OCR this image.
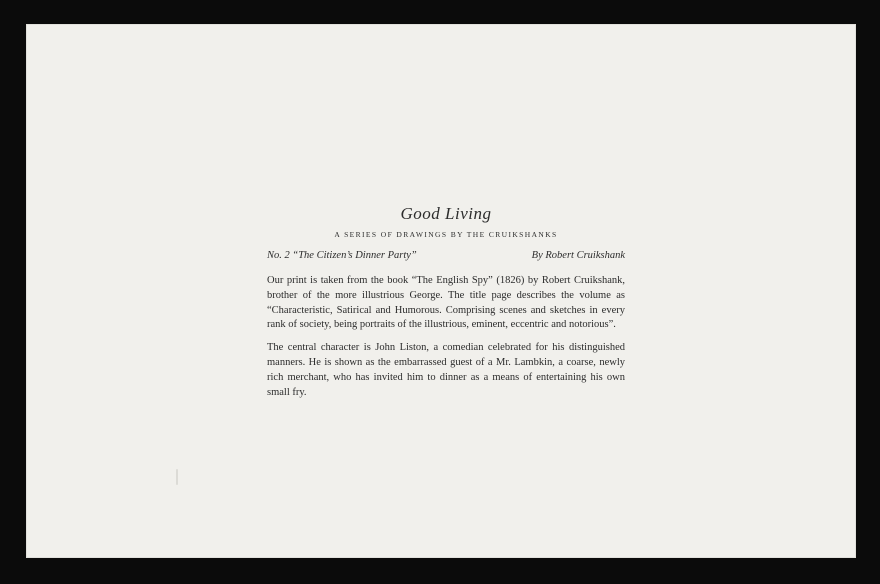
Good Living
A SERIES OF DRAWINGS BY THE CRUIKSHANKS
No. 2 “The Citizen’s Dinner Party”	By Robert Cruikshank

Our print is taken from the book “The English Spy” (1826) by Robert Cruikshank, brother of the more illustrious George. The title page describes the volume as “Characteristic, Satirical and Humorous. Comprising scenes and sketches in every rank of society, being portraits of the illustrious, eminent, eccentric and notorious”.

The central character is John Liston, a comedian celebrated for his distinguished manners. He is shown as the embarrassed guest of a Mr. Lambkin, a coarse, newly rich merchant, who has invited him to dinner as a means of entertaining his own small fry.
